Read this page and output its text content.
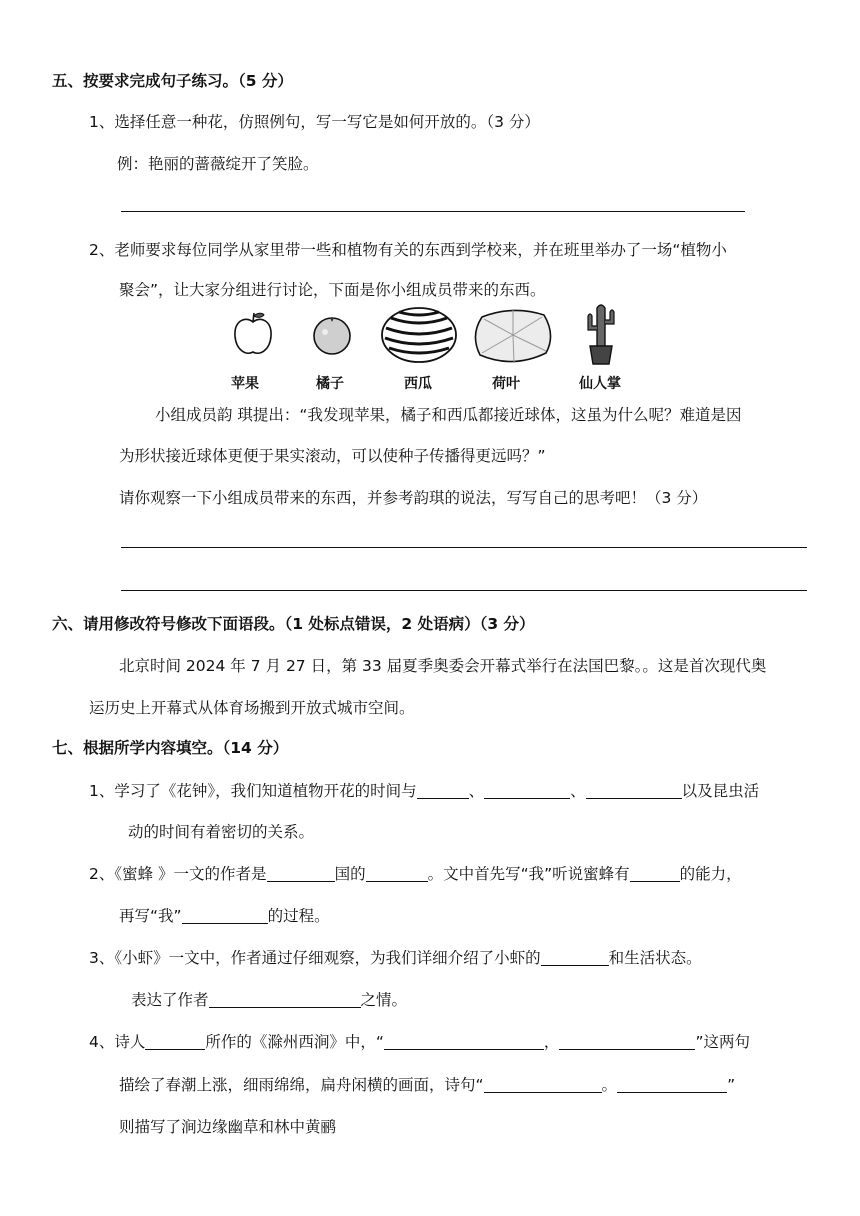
五、按要求完成句子练习。（5 分）
1、选择任意一种花，仿照例句，写一写它是如何开放的。（3 分）
例：艳丽的蔷薇绽开了笑脸。
2、老师要求每位同学从家里带一些和植物有关的东西到学校来，并在班里举办了一场“植物小
聚会”，让大家分组进行讨论，下面是你小组成员带来的东西。
苹果	橘子	西瓜	荷叶	仙人掌
小组成员韵 琪提出：“我发现苹果，橘子和西瓜都接近球体，这虽为什么呢？难道是因
为形状接近球体更便于果实滚动，可以使种子传播得更远吗？”
请你观察一下小组成员带来的东西，并参考韵琪的说法，写写自己的思考吧！（3 分）
六、请用修改符号修改下面语段。（1 处标点错误，2 处语病）（3 分）
北京时间 2024 年 7 月 27 日，第 33 届夏季奥委会开幕式举行在法国巴黎。。这是首次现代奥
运历史上开幕式从体育场搬到开放式城市空间。
七、根据所学内容填空。（14 分）
1、学习了《花钟》，我们知道植物开花的时间与	、	、	以及昆虫活
动的时间有着密切的关系。
2、《蜜蜂 》一文的作者是	国的	。文中首先写“我”听说蜜蜂有	的能力，
再写“我”	的过程。
3、《小虾》一文中，作者通过仔细观察，为我们详细介绍了小虾的	和生活状态。
表达了作者	之情。
4、诗人	所作的《滁州西涧》中，“	，	”这两句
描绘了春潮上涨，细雨绵绵，扁舟闲横的画面，诗句“	。	”
则描写了涧边缘幽草和林中黄鹂
